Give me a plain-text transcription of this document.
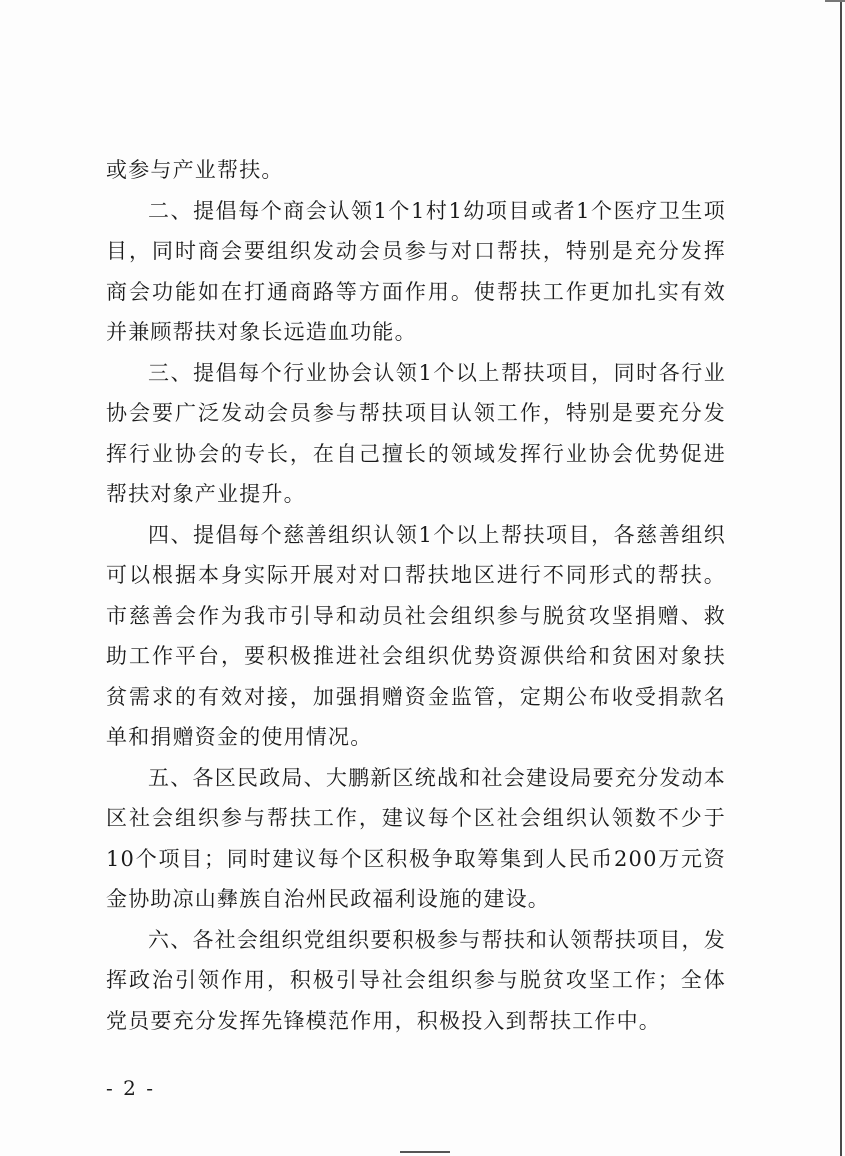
或参与产业帮扶。

二、提倡每个商会认领1个1村1幼项目或者1个医疗卫生项目，同时商会要组织发动会员参与对口帮扶，特别是充分发挥商会功能如在打通商路等方面作用。使帮扶工作更加扎实有效并兼顾帮扶对象长远造血功能。

三、提倡每个行业协会认领1个以上帮扶项目，同时各行业协会要广泛发动会员参与帮扶项目认领工作，特别是要充分发挥行业协会的专长，在自己擅长的领域发挥行业协会优势促进帮扶对象产业提升。

四、提倡每个慈善组织认领1个以上帮扶项目，各慈善组织可以根据本身实际开展对对口帮扶地区进行不同形式的帮扶。市慈善会作为我市引导和动员社会组织参与脱贫攻坚捐赠、救助工作平台，要积极推进社会组织优势资源供给和贫困对象扶贫需求的有效对接，加强捐赠资金监管，定期公布收受捐款名单和捐赠资金的使用情况。

五、各区民政局、大鹏新区统战和社会建设局要充分发动本区社会组织参与帮扶工作，建议每个区社会组织认领数不少于10个项目；同时建议每个区积极争取筹集到人民币200万元资金协助凉山彝族自治州民政福利设施的建设。

六、各社会组织党组织要积极参与帮扶和认领帮扶项目，发挥政治引领作用，积极引导社会组织参与脱贫攻坚工作；全体党员要充分发挥先锋模范作用，积极投入到帮扶工作中。

- 2 -
